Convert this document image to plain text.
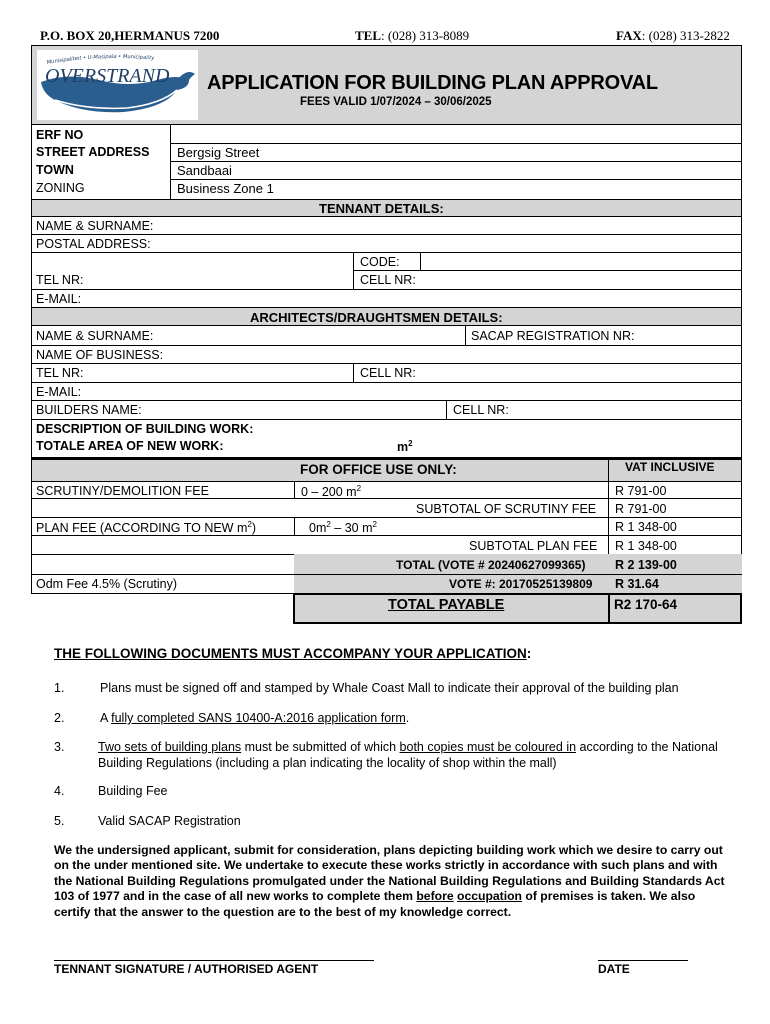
P.O. BOX 20,HERMANUS 7200	TEL: (028) 313-8089	FAX: (028) 313-2822
Munisipaliteit • U-Masipala • Municipality
OVERSTRAND APPLICATION FOR BUILDING PLAN APPROVAL
FEES VALID 1/07/2024 – 30/06/2025
ERF NO
STREET ADDRESS Bergsig Street
TOWN	Sandbaai
ZONING	Business Zone 1
TENNANT DETAILS:
NAME & SURNAME:
POSTAL ADDRESS:
CODE:
TEL NR:	CELL NR:
E-MAIL:
ARCHITECTS/DRAUGHTSMEN DETAILS:
NAME & SURNAME:	SACAP REGISTRATION NR:
NAME OF BUSINESS:
TEL NR:	CELL NR:
E-MAIL:
BUILDERS NAME:	CELL NR:
DESCRIPTION OF BUILDING WORK:
TOTALE AREA OF NEW WORK:	$m^2$
FOR OFFICE USE ONLY:	VAT INCLUSIVE
SCRUTINY/DEMOLITION FEE	0 – 200 $m^2$	R 791-00
SUBTOTAL OF SCRUTINY FEE R 791-00
PLAN FEE (ACCORDING TO NEW $m^2$)	$0m^2 - 30$ $m^2$	R 1 348-00
SUBTOTAL PLAN FEE R 1 348-00
TOTAL (VOTE # 20240627099365) R 2 139-00
Odm Fee 4.5% (Scrutiny)	VOTE #: 20170525139809 R 31.64
TOTAL PAYABLE	R2 170-64
THE FOLLOWING DOCUMENTS MUST ACCOMPANY YOUR APPLICATION:
1.	Plans must be signed off and stamped by Whale Coast Mall to indicate their approval of the building plan
2.	A fully completed SANS 10400-A:2016 application form.
3.	Two sets of building plans must be submitted of which both copies must be coloured in according to the National Building Regulations (including a plan indicating the locality of shop within the mall)
4.	Building Fee
5.	Valid SACAP Registration
We the undersigned applicant, submit for consideration, plans depicting building work which we desire to carry out on the under mentioned site. We undertake to execute these works strictly in accordance with such plans and with the National Building Regulations promulgated under the National Building Regulations and Building Standards Act 103 of 1977 and in the case of all new works to complete them before occupation of premises is taken. We also certify that the answer to the question are to the best of my knowledge correct.
TENNANT SIGNATURE / AUTHORISED AGENT	DATE
